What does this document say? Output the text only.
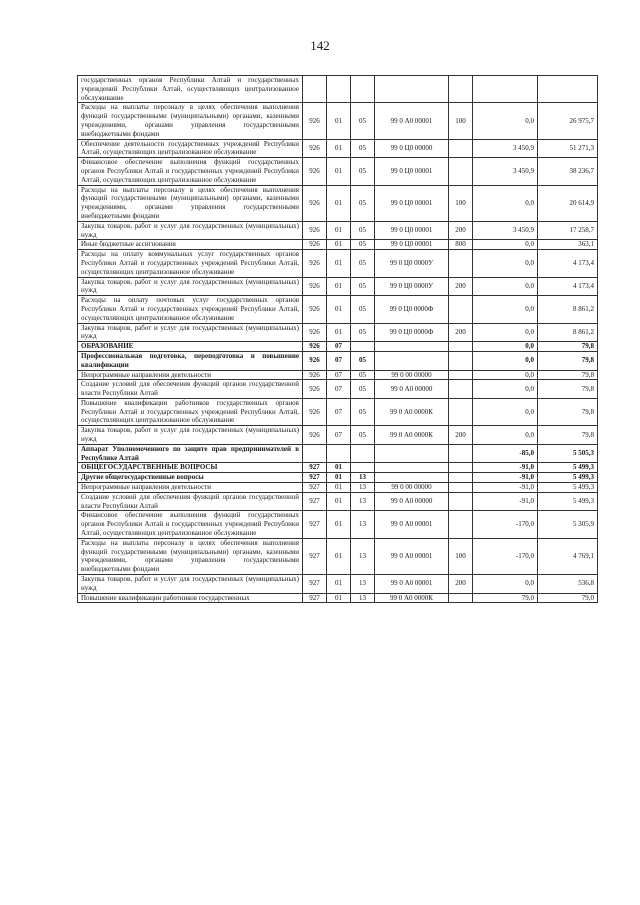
142
государственных органов Республики Алтай и государственных учреждений Республики Алтай, осуществляющих централизованное обслуживание							
Расходы на выплаты персоналу в целях обеспечения выполнения функций государственными (муниципальными) органами, казенными учреждениями, органами управления государственными внебюджетными фондами	926	01	05	99 0 А0 00001	100	0,0	26 975,7
Обеспечение деятельности государственных учреждений Республики Алтай, осуществляющих централизованное обслуживание	926	01	05	99 0 Ц0 00000		3 450,9	51 271,3
Финансовое обеспечение выполнения функций государственных органов Республики Алтай и государственных учреждений Республики Алтай, осуществляющих централизованное обслуживание	926	01	05	99 0 Ц0 00001		3 450,9	38 236,7
Расходы на выплаты персоналу в целях обеспечения выполнения функций государственными (муниципальными) органами, казенными учреждениями, органами управления государственными внебюджетными фондами	926	01	05	99 0 Ц0 00001	100	0,0	20 614,9
Закупка товаров, работ и услуг для государственных (муниципальных) нужд	926	01	05	99 0 Ц0 00001	200	3 450,9	17 258,7
Иные бюджетные ассигнования	926	01	05	99 0 Ц0 00001	800	0,0	363,1
Расходы на оплату коммунальных услуг государственных органов Республики Алтай и государственных учреждений Республики Алтай, осуществляющих централизованное обслуживание	926	01	05	99 0 Ц0 0000У		0,0	4 173,4
Закупка товаров, работ и услуг для государственных (муниципальных) нужд	926	01	05	99 0 Ц0 0000У	200	0,0	4 173,4
Расходы на оплату почтовых услуг государственных органов Республики Алтай и государственных учреждений Республики Алтай, осуществляющих централизованное обслуживание	926	01	05	99 0 Ц0 0000Ф		0,0	8 861,2
Закупка товаров, работ и услуг для государственных (муниципальных) нужд	926	01	05	99 0 Ц0 0000Ф	200	0,0	8 861,2
ОБРАЗОВАНИЕ	926	07				0,0	79,8
Профессиональная подготовка, переподготовка и повышение квалификации	926	07	05			0,0	79,8
Непрограммные направления деятельности	926	07	05	99 0 00 00000		0,0	79,8
Создание условий для обеспечения функций органов государственной власти Республики Алтай	926	07	05	99 0 А0 00000		0,0	79,8
Повышение квалификации работников государственных органов Республики Алтай и государственных учреждений Республики Алтай, осуществляющих централизованное обслуживание	926	07	05	99 0 А0 0000К		0,0	79,8
Закупка товаров, работ и услуг для государственных (муниципальных) нужд	926	07	05	99 0 А0 0000К	200	0,0	79,8
Аппарат Уполномоченного по защите прав предпринимателей в Республике Алтай						-85,0	5 505,3
ОБЩЕГОСУДАРСТВЕННЫЕ ВОПРОСЫ	927	01				-91,0	5 499,3
Другие общегосударственные вопросы	927	01	13			-91,0	5 499,3
Непрограммные направления деятельности	927	01	13	99 0 00 00000		-91,0	5 499,3
Создание условий для обеспечения функций органов государственной власти Республики Алтай	927	01	13	99 0 А0 00000		-91,0	5 499,3
Финансовое обеспечение выполнения функций государственных органов Республики Алтай и государственных учреждений Республики Алтай, осуществляющих централизованное обслуживание	927	01	13	99 0 А0 00001		-170,0	5 305,9
Расходы на выплаты персоналу в целях обеспечения выполнения функций государственными (муниципальными) органами, казенными учреждениями, органами управления государственными внебюджетными фондами	927	01	13	99 0 А0 00001	100	-170,0	4 769,1
Закупка товаров, работ и услуг для государственных (муниципальных) нужд	927	01	13	99 0 А0 00001	200	0,0	536,8
Повышение квалификации работников государственных	927	01	13	99 0 А0 0000К		79,0	79,0
